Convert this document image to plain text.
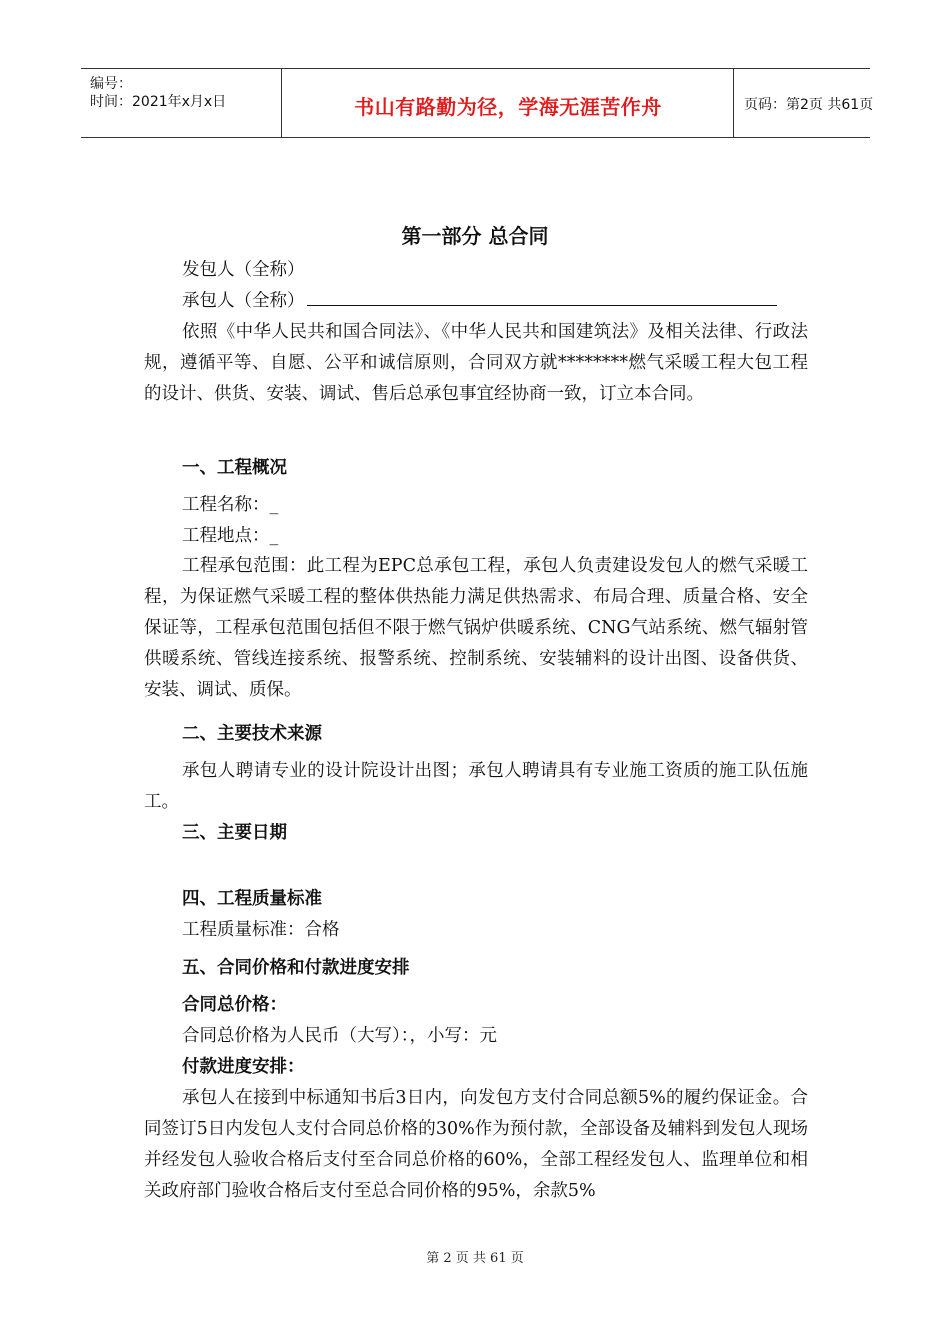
编号：
时间：2021年x月x日	书山有路勤为径，学海无涯苦作舟	页码：第2页 共61页
第一部分 总合同
发包人（全称）
承包人（全称）
依照《中华人民共和国合同法》、《中华人民共和国建筑法》及相关法律、行政法规，遵循平等、自愿、公平和诚信原则，合同双方就********燃气采暖工程大包工程的设计、供货、安装、调试、售后总承包事宜经协商一致，订立本合同。
一、工程概况
工程名称：_
工程地点：_
工程承包范围：此工程为EPC总承包工程，承包人负责建设发包人的燃气采暖工程，为保证燃气采暖工程的整体供热能力满足供热需求、布局合理、质量合格、安全保证等，工程承包范围包括但不限于燃气锅炉供暖系统、CNG气站系统、燃气辐射管供暖系统、管线连接系统、报警系统、控制系统、安装辅料的设计出图、设备供货、安装、调试、质保。
二、主要技术来源
承包人聘请专业的设计院设计出图；承包人聘请具有专业施工资质的施工队伍施工。
三、主要日期
四、工程质量标准
工程质量标准：合格
五、合同价格和付款进度安排
合同总价格：
合同总价格为人民币（大写）：，小写：元
付款进度安排：
承包人在接到中标通知书后3日内，向发包方支付合同总额5%的履约保证金。合同签订5日内发包人支付合同总价格的30%作为预付款，全部设备及辅料到发包人现场并经发包人验收合格后支付至合同总价格的60%，全部工程经发包人、监理单位和相关政府部门验收合格后支付至总合同价格的95%，余款5%
第 2 页 共 61 页
